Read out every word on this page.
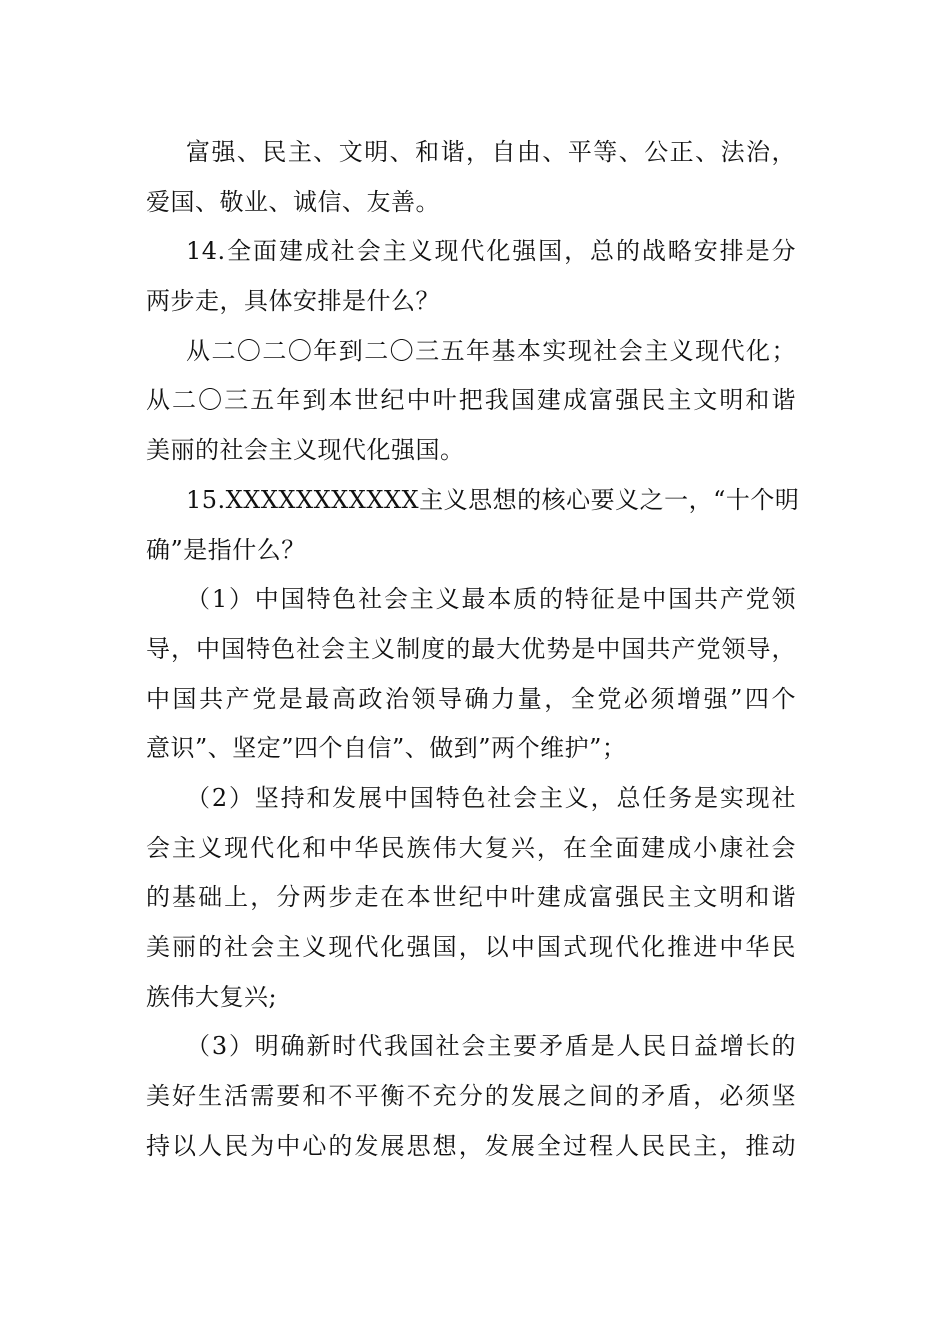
富强、民主、文明、和谐，自由、平等、公正、法治，
爱国、敬业、诚信、友善。
14.全面建成社会主义现代化强国，总的战略安排是分
两步走，具体安排是什么？
从二〇二〇年到二〇三五年基本实现社会主义现代化；
从二〇三五年到本世纪中叶把我国建成富强民主文明和谐
美丽的社会主义现代化强国。
15.XXXXXXXXXXX主义思想的核心要义之一，“十个明
确”是指什么？
（1）中国特色社会主义最本质的特征是中国共产党领
导，中国特色社会主义制度的最大优势是中国共产党领导，
中国共产党是最高政治领导确力量，全党必须增强”四个
意识”、坚定”四个自信”、做到”两个维护”；
（2）坚持和发展中国特色社会主义，总任务是实现社
会主义现代化和中华民族伟大复兴，在全面建成小康社会
的基础上，分两步走在本世纪中叶建成富强民主文明和谐
美丽的社会主义现代化强国，以中国式现代化推进中华民
族伟大复兴;
（3）明确新时代我国社会主要矛盾是人民日益增长的
美好生活需要和不平衡不充分的发展之间的矛盾，必须坚
持以人民为中心的发展思想，发展全过程人民民主，推动
